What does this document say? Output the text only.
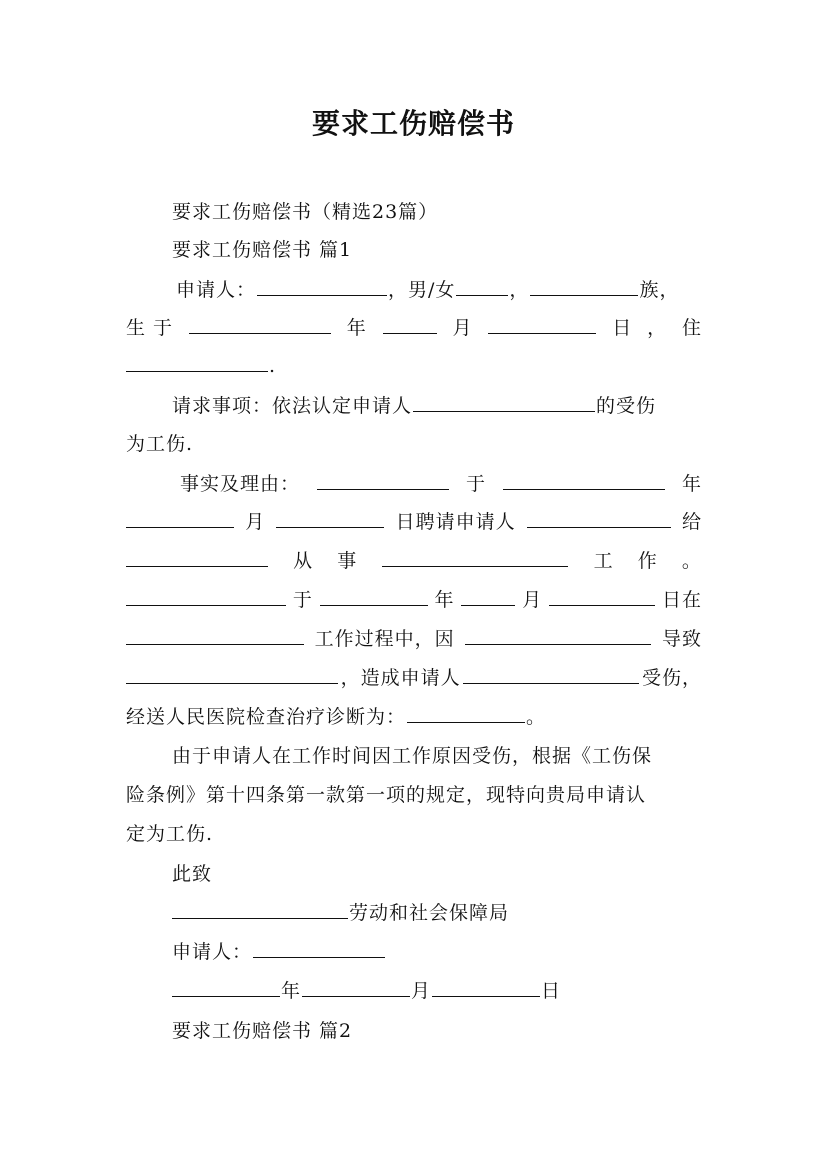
要求工伤赔偿书
要求工伤赔偿书（精选23篇）
要求工伤赔偿书 篇1
申请人：	，男/女	，	族，
生 于	年	月	日 ， 住
.
请求事项：依法认定申请人	的受伤
为工伤.
事实及理由：	于	年
月	日聘请申请人	给
从 事	工 作 。
于	年	月	日在
工作过程中，因	导致
，造成申请人	受伤，
经送人民医院检查治疗诊断为：	。
由于申请人在工作时间因工作原因受伤，根据《工伤保
险条例》第十四条第一款第一项的规定，现特向贵局申请认
定为工伤.
此致
劳动和社会保障局
申请人：
年	月	日
要求工伤赔偿书 篇2
